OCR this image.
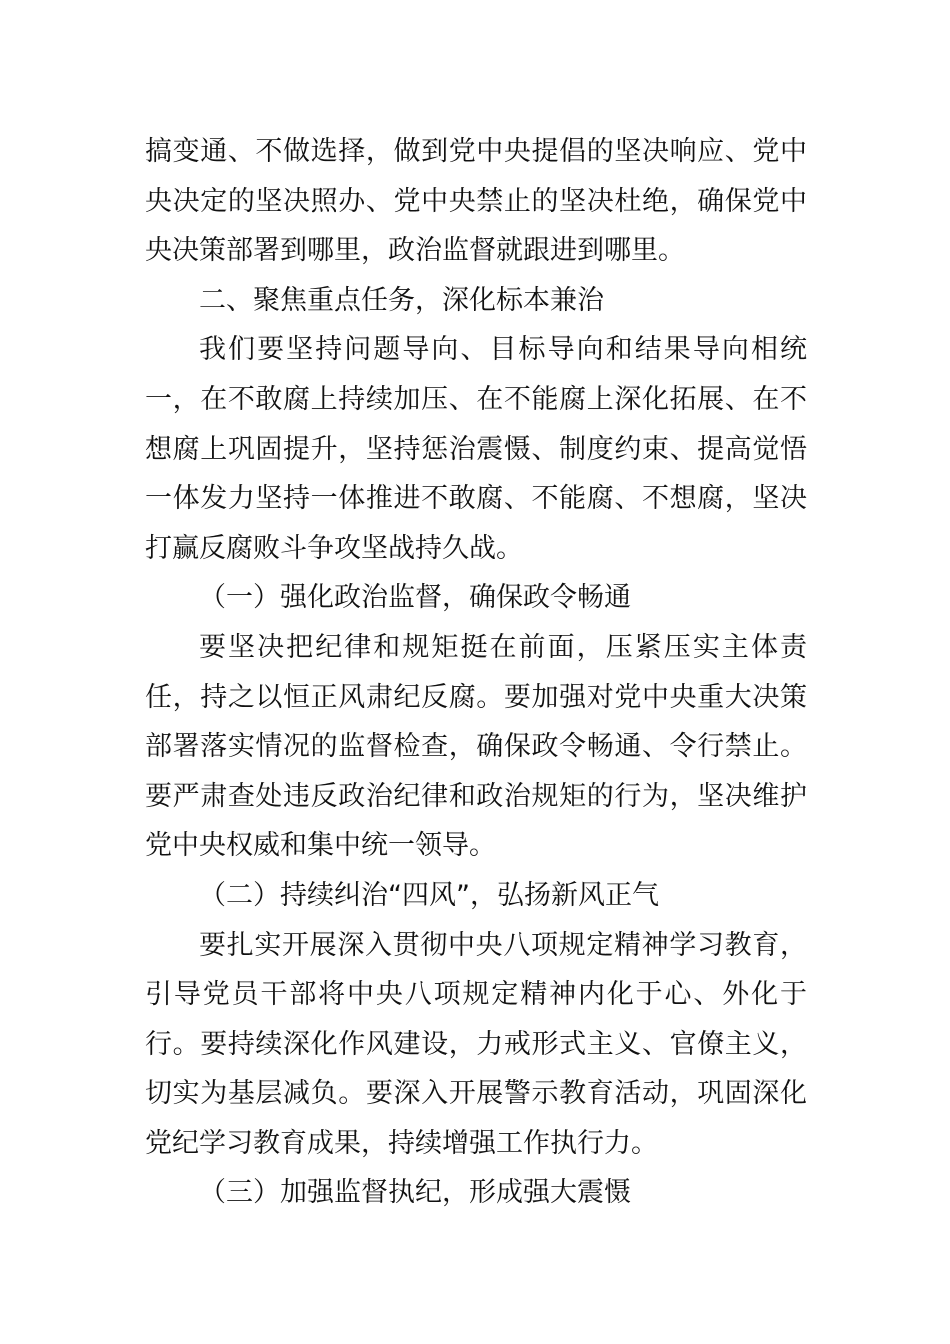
搞变通、不做选择，做到党中央提倡的坚决响应、党中央决定的坚决照办、党中央禁止的坚决杜绝，确保党中央决策部署到哪里，政治监督就跟进到哪里。

二、聚焦重点任务，深化标本兼治

我们要坚持问题导向、目标导向和结果导向相统一，在不敢腐上持续加压、在不能腐上深化拓展、在不想腐上巩固提升，坚持惩治震慑、制度约束、提高觉悟一体发力坚持一体推进不敢腐、不能腐、不想腐，坚决打赢反腐败斗争攻坚战持久战。

（一）强化政治监督，确保政令畅通

要坚决把纪律和规矩挺在前面，压紧压实主体责任，持之以恒正风肃纪反腐。要加强对党中央重大决策部署落实情况的监督检查，确保政令畅通、令行禁止。要严肃查处违反政治纪律和政治规矩的行为，坚决维护党中央权威和集中统一领导。

（二）持续纠治“四风”，弘扬新风正气

要扎实开展深入贯彻中央八项规定精神学习教育，引导党员干部将中央八项规定精神内化于心、外化于行。要持续深化作风建设，力戒形式主义、官僚主义，切实为基层减负。要深入开展警示教育活动，巩固深化党纪学习教育成果，持续增强工作执行力。

（三）加强监督执纪，形成强大震慑
